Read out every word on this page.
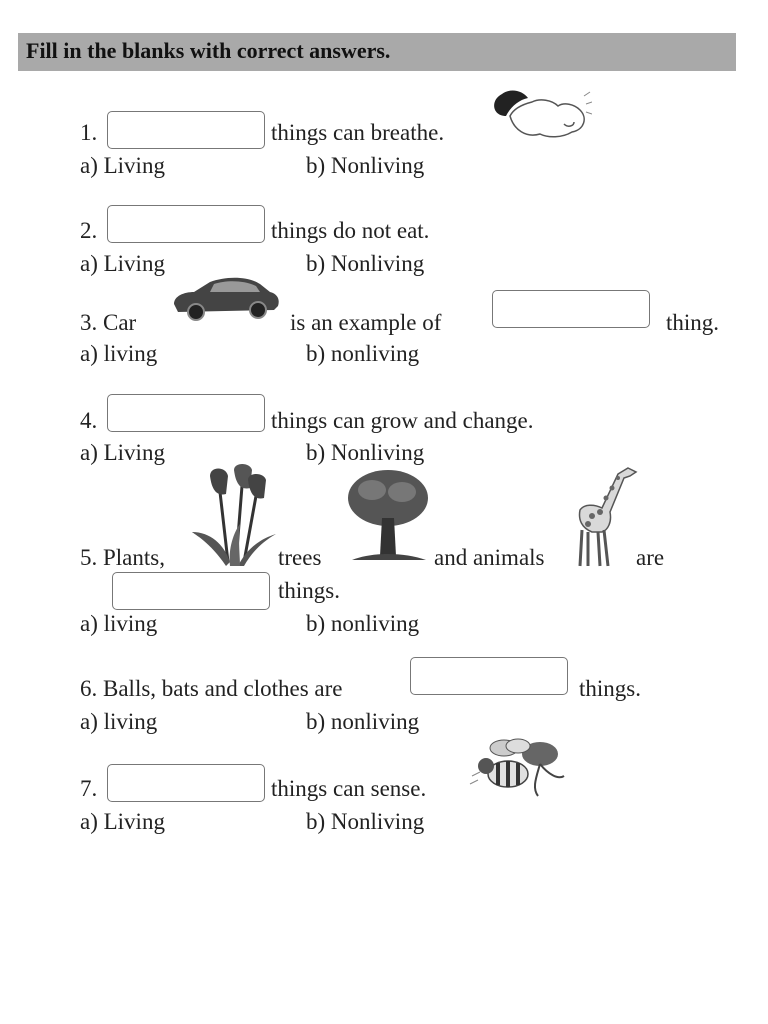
Fill in the blanks with correct answers.
1.	things can breathe.
a) Living	b) Nonliving
2.	things do not eat.
a) Living	b) Nonliving
3. Car	is an example of	thing.
a) living	b) nonliving
4.	things can grow and change.
a) Living	b) Nonliving
5. Plants,	trees	and animals	are
things.
a) living	b) nonliving
6. Balls, bats and clothes are	things.
a) living	b) nonliving
7.	things can sense.
a) Living	b) Nonliving
